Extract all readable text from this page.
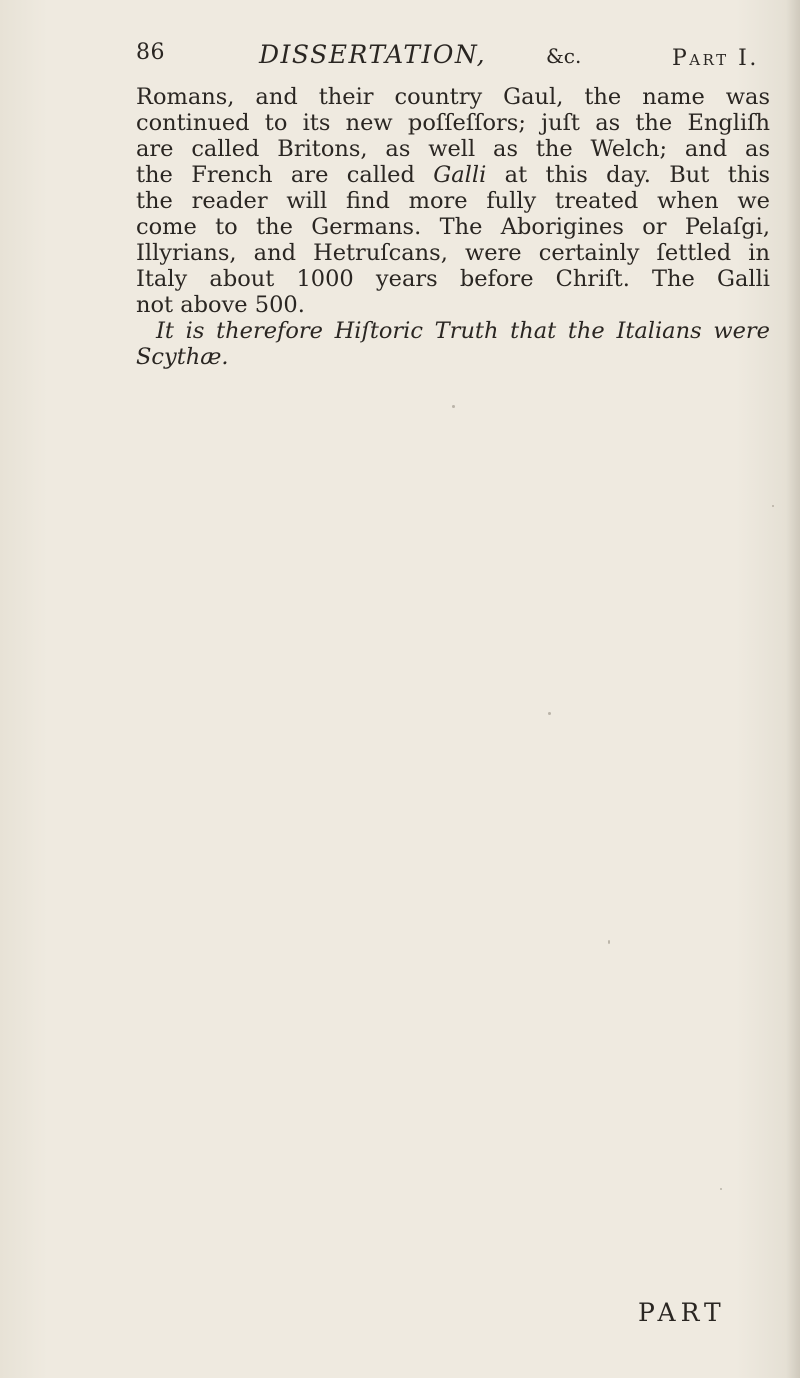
86	DISSERTATION,	&c.	Part I.
Romans, and their country Gaul, the name was
continued to its new poſſeſſors; juſt as the Engliſh
are called Britons, as well as the Welch; and as
the French are called Galli at this day. But this
the reader will find more fully treated when we
come to the Germans. The Aborigines or Pelaſgi,
Illyrians, and Hetruſcans, were certainly ſettled in
Italy about 1000 years before Chriſt. The Galli
not above 500.
It is therefore Hiſtoric Truth that the Italians were
Scythæ.
PART
